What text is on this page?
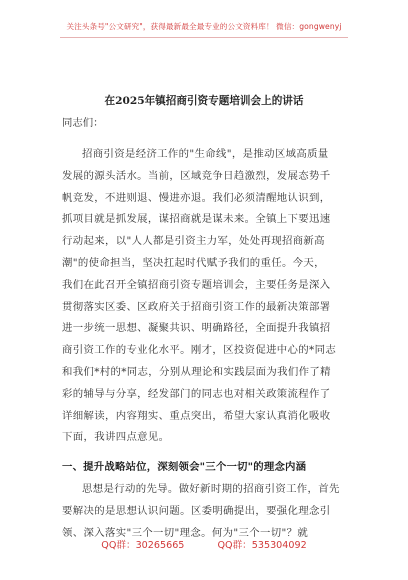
关注头条号"公文研究"，获得最新最全最专业的公文资料库！ 微信：gongwenyj
在2025年镇招商引资专题培训会上的讲话
同志们：
招商引资是经济工作的"生命线"，是推动区域高质量
发展的源头活水。当前，区域竞争日趋激烈，发展态势千
帆竞发，不进则退、慢进亦退。我们必须清醒地认识到，
抓项目就是抓发展，谋招商就是谋未来。全镇上下要迅速
行动起来，以"人人都是引资主力军，处处再现招商新高
潮"的使命担当，坚决扛起时代赋予我们的重任。今天，
我们在此召开全镇招商引资专题培训会，主要任务是深入
贯彻落实区委、区政府关于招商引资工作的最新决策部署
进一步统一思想、凝聚共识、明确路径，全面提升我镇招
商引资工作的专业化水平。刚才，区投资促进中心的*同志
和我们*村的*同志，分别从理论和实践层面为我们作了精
彩的辅导与分享，经发部门的同志也对相关政策流程作了
详细解读，内容翔实、重点突出，希望大家认真消化吸收
下面，我讲四点意见。
一、提升战略站位，深刻领会"三个一切"的理念内涵
思想是行动的先导。做好新时期的招商引资工作，首先
要解决的是思想认识问题。区委明确提出，要强化理念引
领、深入落实"三个一切"理念。何为"三个一切"？就
QQ群：30265665	QQ群：535304092
